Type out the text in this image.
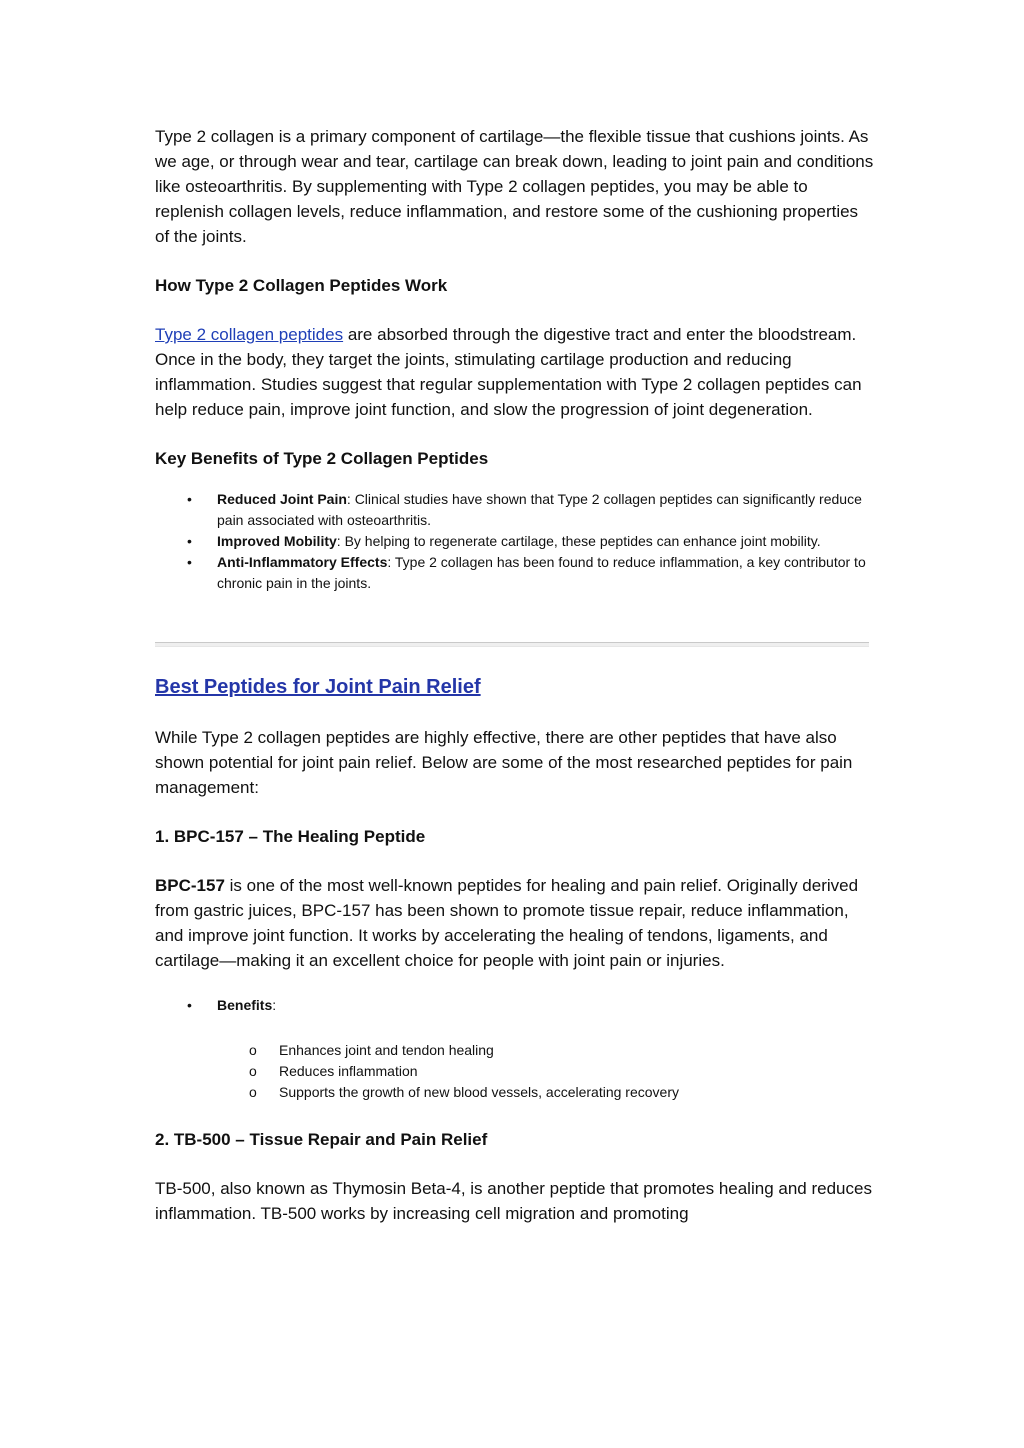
Type 2 collagen is a primary component of cartilage—the flexible tissue that cushions joints. As we age, or through wear and tear, cartilage can break down, leading to joint pain and conditions like osteoarthritis. By supplementing with Type 2 collagen peptides, you may be able to replenish collagen levels, reduce inflammation, and restore some of the cushioning properties of the joints.

How Type 2 Collagen Peptides Work

Type 2 collagen peptides are absorbed through the digestive tract and enter the bloodstream. Once in the body, they target the joints, stimulating cartilage production and reducing inflammation. Studies suggest that regular supplementation with Type 2 collagen peptides can help reduce pain, improve joint function, and slow the progression of joint degeneration.

Key Benefits of Type 2 Collagen Peptides

• Reduced Joint Pain: Clinical studies have shown that Type 2 collagen peptides can significantly reduce pain associated with osteoarthritis.
• Improved Mobility: By helping to regenerate cartilage, these peptides can enhance joint mobility.
• Anti-Inflammatory Effects: Type 2 collagen has been found to reduce inflammation, a key contributor to chronic pain in the joints.

Best Peptides for Joint Pain Relief

While Type 2 collagen peptides are highly effective, there are other peptides that have also shown potential for joint pain relief. Below are some of the most researched peptides for pain management:

1. BPC-157 – The Healing Peptide

BPC-157 is one of the most well-known peptides for healing and pain relief. Originally derived from gastric juices, BPC-157 has been shown to promote tissue repair, reduce inflammation, and improve joint function. It works by accelerating the healing of tendons, ligaments, and cartilage—making it an excellent choice for people with joint pain or injuries.

• Benefits:
o Enhances joint and tendon healing
o Reduces inflammation
o Supports the growth of new blood vessels, accelerating recovery

2. TB-500 – Tissue Repair and Pain Relief

TB-500, also known as Thymosin Beta-4, is another peptide that promotes healing and reduces inflammation. TB-500 works by increasing cell migration and promoting
